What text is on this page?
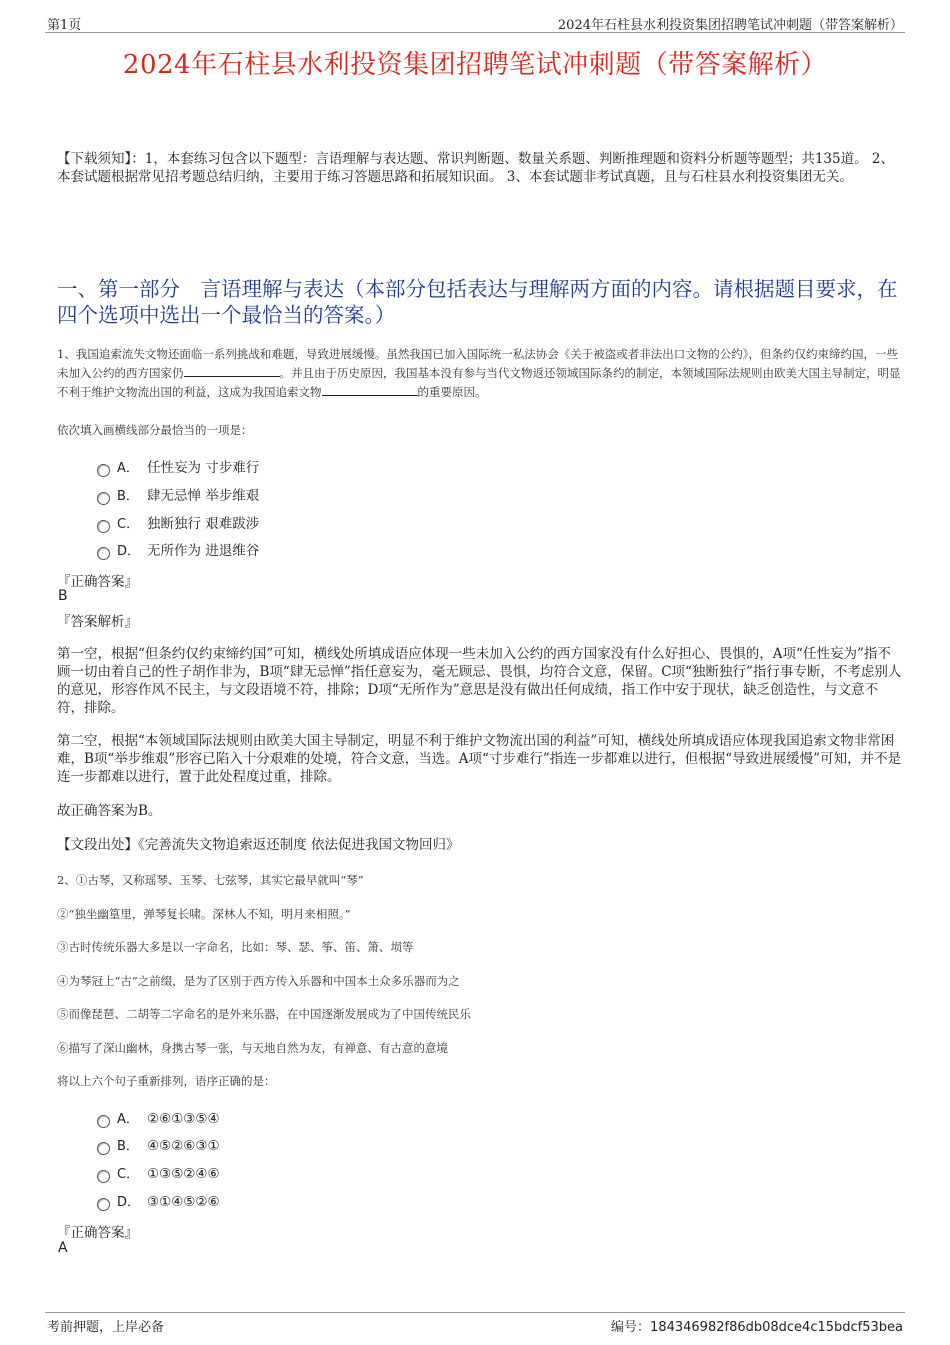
第1页	2024年石柱县水利投资集团招聘笔试冲刺题（带答案解析）
2024年石柱县水利投资集团招聘笔试冲刺题（带答案解析）
【下载须知】：1，本套练习包含以下题型：言语理解与表达题、常识判断题、数量关系题、判断推理题和资料分析题等题型；共135道。 2、本套试题根据常见招考题总结归纳，主要用于练习答题思路和拓展知识面。 3、本套试题非考试真题，且与石柱县水利投资集团无关。
一、第一部分　言语理解与表达（本部分包括表达与理解两方面的内容。请根据题目要求，在四个选项中选出一个最恰当的答案。）
1、我国追索流失文物还面临一系列挑战和难题，导致进展缓慢。虽然我国已加入国际统一私法协会《关于被盗或者非法出口文物的公约》，但条约仅约束缔约国，一些未加入公约的西方国家仍	。并且由于历史原因，我国基本没有参与当代文物返还领域国际条约的制定，本领域国际法规则由欧美大国主导制定，明显不利于维护文物流出国的利益，这成为我国追索文物	的重要原因。
依次填入画横线部分最恰当的一项是：
A． 任性妄为 寸步难行
B． 肆无忌惮 举步维艰
C． 独断独行 艰难跋涉
D． 无所作为 进退维谷
『正确答案』
B
『答案解析』
第一空，根据“但条约仅约束缔约国”可知，横线处所填成语应体现一些未加入公约的西方国家没有什么好担心、畏惧的，A项“任性妄为”指不顾一切由着自己的性子胡作非为，B项“肆无忌惮”指任意妄为，毫无顾忌、畏惧，均符合文意，保留。C项“独断独行”指行事专断，不考虑别人的意见，形容作风不民主，与文段语境不符，排除；D项“无所作为”意思是没有做出任何成绩，指工作中安于现状，缺乏创造性，与文意不符，排除。
第二空，根据“本领域国际法规则由欧美大国主导制定，明显不利于维护文物流出国的利益”可知，横线处所填成语应体现我国追索文物非常困难，B项“举步维艰”形容已陷入十分艰难的处境，符合文意，当选。A项“寸步难行”指连一步都难以进行，但根据“导致进展缓慢”可知，并不是连一步都难以进行，置于此处程度过重，排除。
故正确答案为B。
【文段出处】《完善流失文物追索返还制度 依法促进我国文物回归》
2、①古琴，又称瑶琴、玉琴、七弦琴，其实它最早就叫“琴”
②“独坐幽篁里，弹琴复长啸。深林人不知，明月来相照。”
③古时传统乐器大多是以一字命名，比如：琴、瑟、筝、笛、箫、埙等
④为琴冠上“古”之前缀，是为了区别于西方传入乐器和中国本土众多乐器而为之
⑤而像琵琶、二胡等二字命名的是外来乐器，在中国逐渐发展成为了中国传统民乐
⑥描写了深山幽林，身携古琴一张，与天地自然为友，有禅意、有古意的意境
将以上六个句子重新排列，语序正确的是：
A． ②⑥①③⑤④
B． ④⑤②⑥③①
C． ①③⑤②④⑥
D． ③①④⑤②⑥
『正确答案』
A
考前押题，上岸必备	编号：184346982f86db08dce4c15bdcf53bea
